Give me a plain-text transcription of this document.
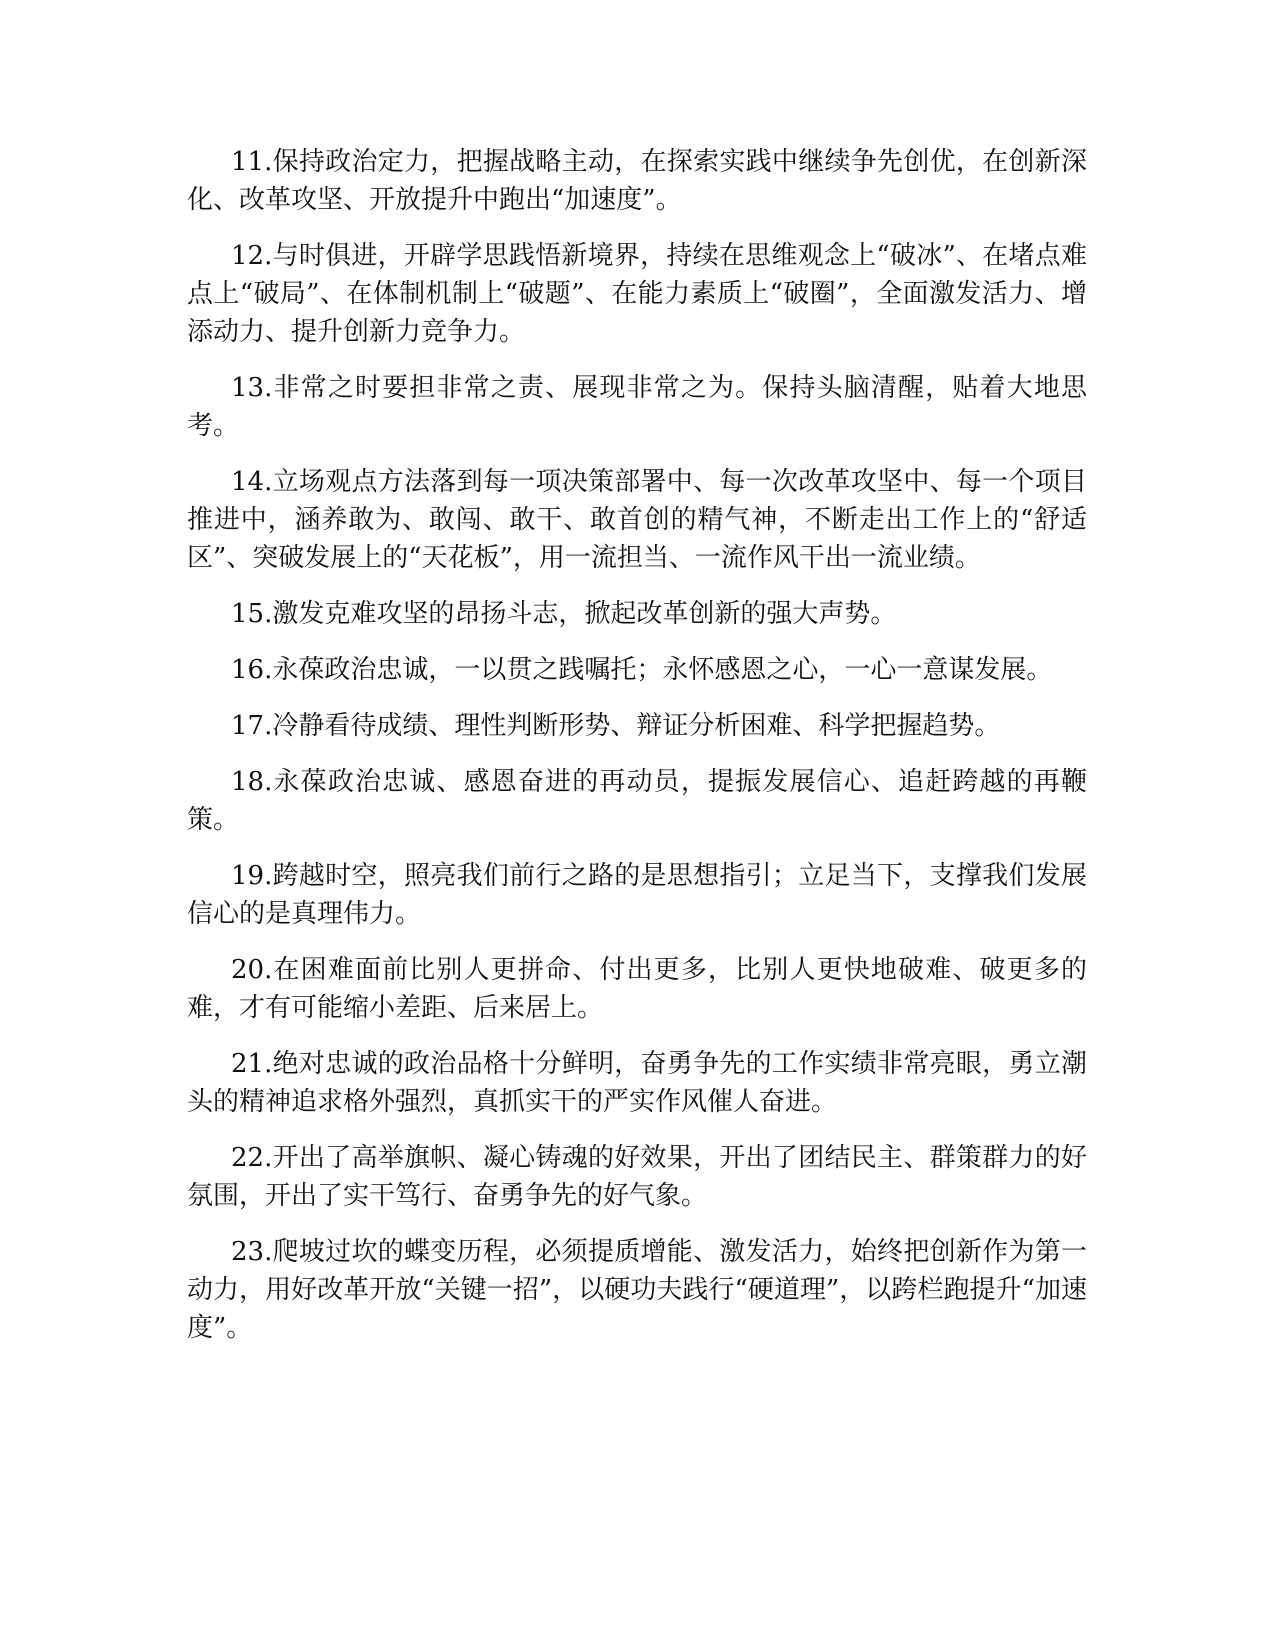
11.保持政治定力，把握战略主动，在探索实践中继续争先创优，在创新深化、改革攻坚、开放提升中跑出“加速度”。

12.与时俱进，开辟学思践悟新境界，持续在思维观念上“破冰”、在堵点难点上“破局”、在体制机制上“破题”、在能力素质上“破圈”，全面激发活力、增添动力、提升创新力竞争力。

13.非常之时要担非常之责、展现非常之为。保持头脑清醒，贴着大地思考。

14.立场观点方法落到每一项决策部署中、每一次改革攻坚中、每一个项目推进中，涵养敢为、敢闯、敢干、敢首创的精气神，不断走出工作上的“舒适区”、突破发展上的“天花板”，用一流担当、一流作风干出一流业绩。

15.激发克难攻坚的昂扬斗志，掀起改革创新的强大声势。

16.永葆政治忠诚，一以贯之践嘱托；永怀感恩之心，一心一意谋发展。

17.冷静看待成绩、理性判断形势、辩证分析困难、科学把握趋势。

18.永葆政治忠诚、感恩奋进的再动员，提振发展信心、追赶跨越的再鞭策。

19.跨越时空，照亮我们前行之路的是思想指引；立足当下，支撑我们发展信心的是真理伟力。

20.在困难面前比别人更拼命、付出更多，比别人更快地破难、破更多的难，才有可能缩小差距、后来居上。

21.绝对忠诚的政治品格十分鲜明，奋勇争先的工作实绩非常亮眼，勇立潮头的精神追求格外强烈，真抓实干的严实作风催人奋进。

22.开出了高举旗帜、凝心铸魂的好效果，开出了团结民主、群策群力的好氛围，开出了实干笃行、奋勇争先的好气象。

23.爬坡过坎的蝶变历程，必须提质增能、激发活力，始终把创新作为第一动力，用好改革开放“关键一招”，以硬功夫践行“硬道理”，以跨栏跑提升“加速度”。
